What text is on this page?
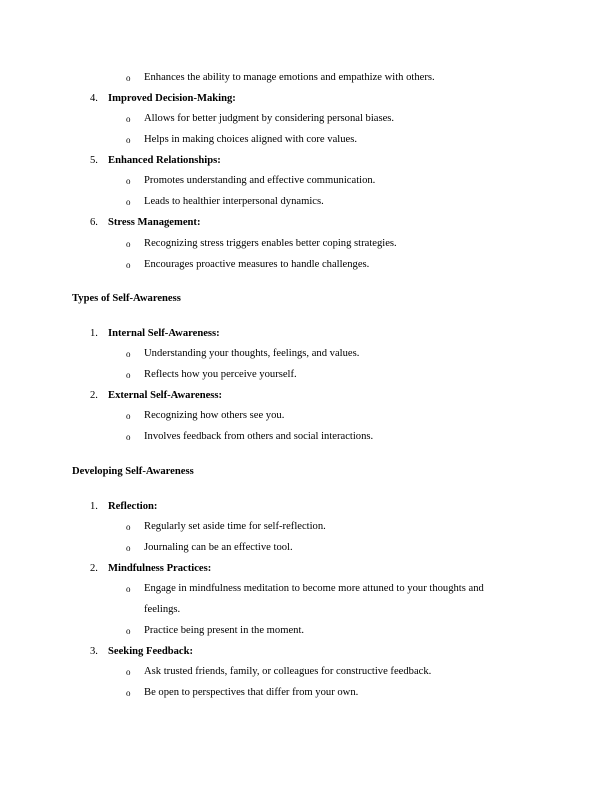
o Enhances the ability to manage emotions and empathize with others.
4. Improved Decision-Making:
o Allows for better judgment by considering personal biases.
o Helps in making choices aligned with core values.
5. Enhanced Relationships:
o Promotes understanding and effective communication.
o Leads to healthier interpersonal dynamics.
6. Stress Management:
o Recognizing stress triggers enables better coping strategies.
o Encourages proactive measures to handle challenges.
Types of Self-Awareness
1. Internal Self-Awareness:
o Understanding your thoughts, feelings, and values.
o Reflects how you perceive yourself.
2. External Self-Awareness:
o Recognizing how others see you.
o Involves feedback from others and social interactions.
Developing Self-Awareness
1. Reflection:
o Regularly set aside time for self-reflection.
o Journaling can be an effective tool.
2. Mindfulness Practices:
o Engage in mindfulness meditation to become more attuned to your thoughts and
feelings.
o Practice being present in the moment.
3. Seeking Feedback:
o Ask trusted friends, family, or colleagues for constructive feedback.
o Be open to perspectives that differ from your own.
